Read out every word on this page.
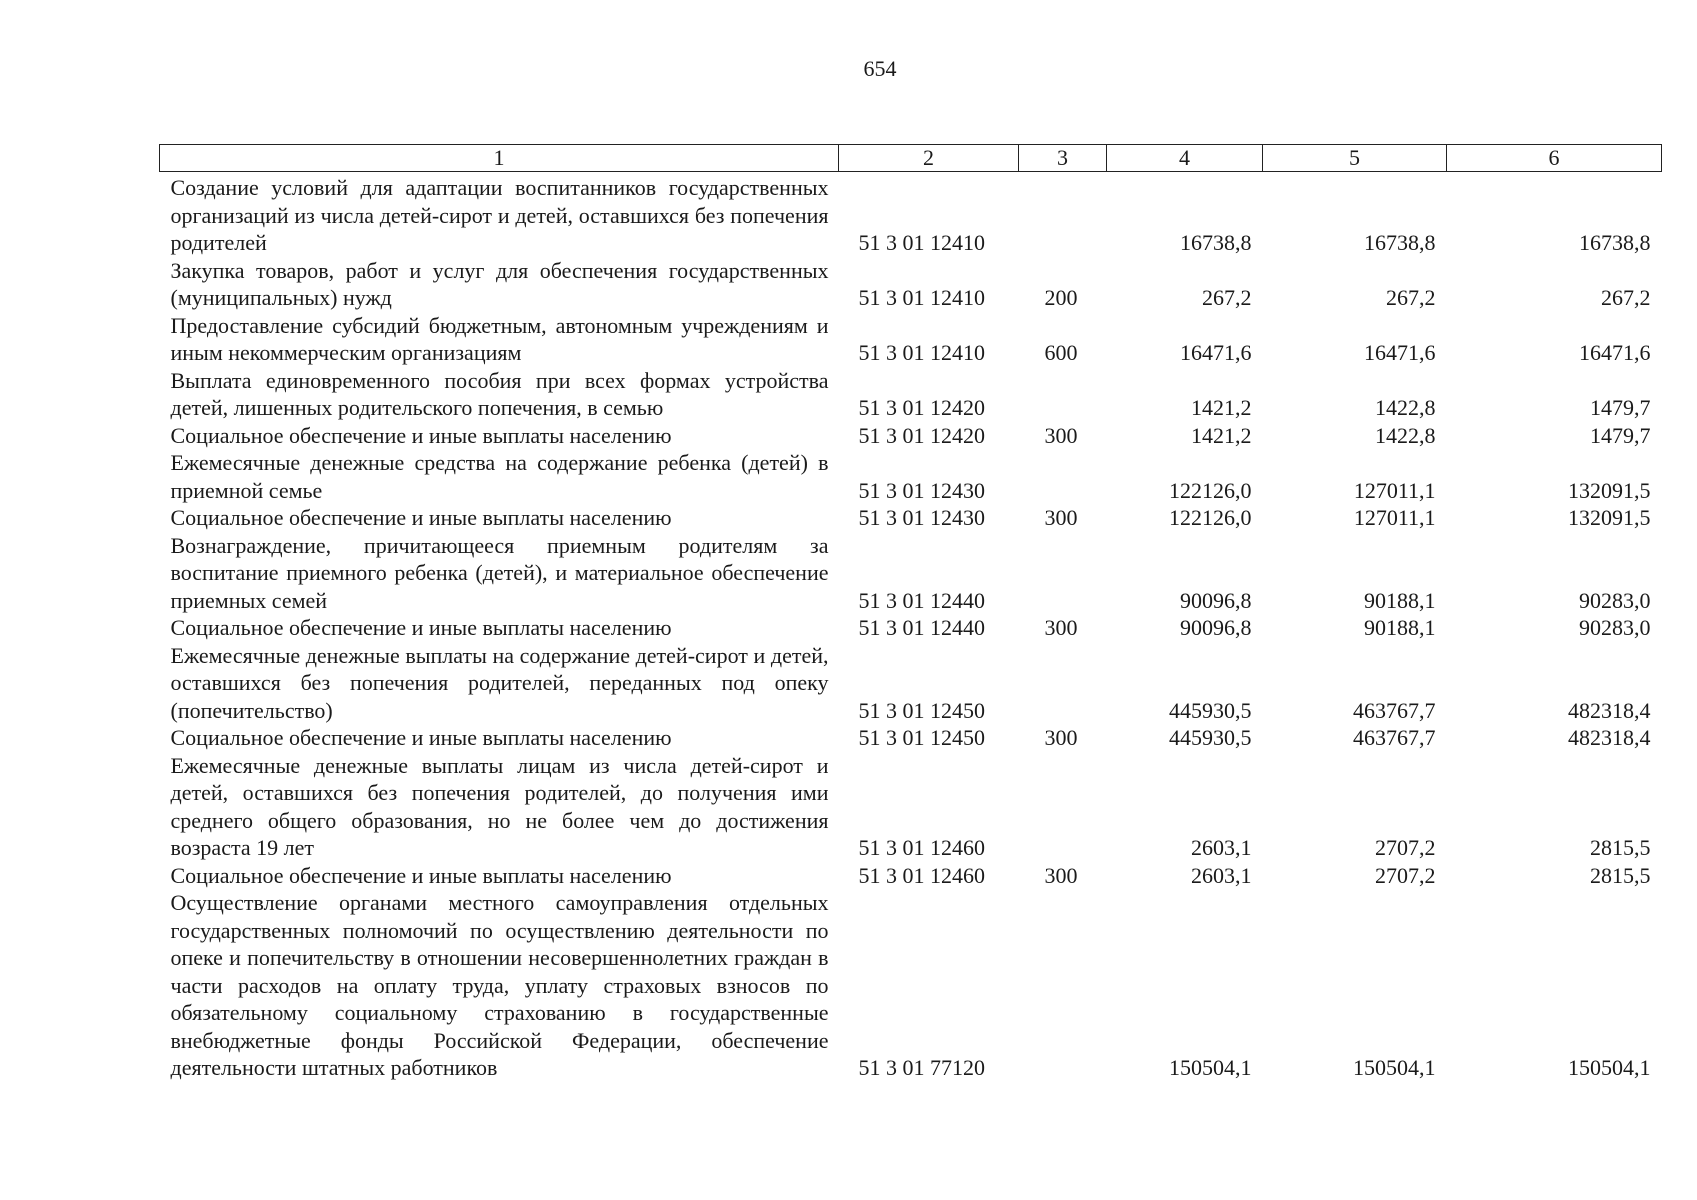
654
1	2	3	4	5	6
Создание условий для адаптации воспитанников государственных организаций из числа детей-сирот и детей, оставшихся без попечения родителей	51 3 01 12410		16738,8	16738,8	16738,8
Закупка товаров, работ и услуг для обеспечения государственных (муниципальных) нужд	51 3 01 12410	200	267,2	267,2	267,2
Предоставление субсидий бюджетным, автономным учреждениям и иным некоммерческим организациям	51 3 01 12410	600	16471,6	16471,6	16471,6
Выплата единовременного пособия при всех формах устройства детей, лишенных родительского попечения, в семью	51 3 01 12420		1421,2	1422,8	1479,7
Социальное обеспечение и иные выплаты населению	51 3 01 12420	300	1421,2	1422,8	1479,7
Ежемесячные денежные средства на содержание ребенка (детей) в приемной семье	51 3 01 12430		122126,0	127011,1	132091,5
Социальное обеспечение и иные выплаты населению	51 3 01 12430	300	122126,0	127011,1	132091,5
Вознаграждение, причитающееся приемным родителям за воспитание приемного ребенка (детей), и материальное обеспечение приемных семей	51 3 01 12440		90096,8	90188,1	90283,0
Социальное обеспечение и иные выплаты населению	51 3 01 12440	300	90096,8	90188,1	90283,0
Ежемесячные денежные выплаты на содержание детей-сирот и детей, оставшихся без попечения родителей, переданных под опеку (попечительство)	51 3 01 12450		445930,5	463767,7	482318,4
Социальное обеспечение и иные выплаты населению	51 3 01 12450	300	445930,5	463767,7	482318,4
Ежемесячные денежные выплаты лицам из числа детей-сирот и детей, оставшихся без попечения родителей, до получения ими среднего общего образования, но не более чем до достижения возраста 19 лет	51 3 01 12460		2603,1	2707,2	2815,5
Социальное обеспечение и иные выплаты населению	51 3 01 12460	300	2603,1	2707,2	2815,5
Осуществление органами местного самоуправления отдельных государственных полномочий по осуществлению деятельности по опеке и попечительству в отношении несовершеннолетних граждан в части расходов на оплату труда, уплату страховых взносов по обязательному социальному страхованию в государственные внебюджетные фонды Российской Федерации, обеспечение деятельности штатных работников	51 3 01 77120		150504,1	150504,1	150504,1
